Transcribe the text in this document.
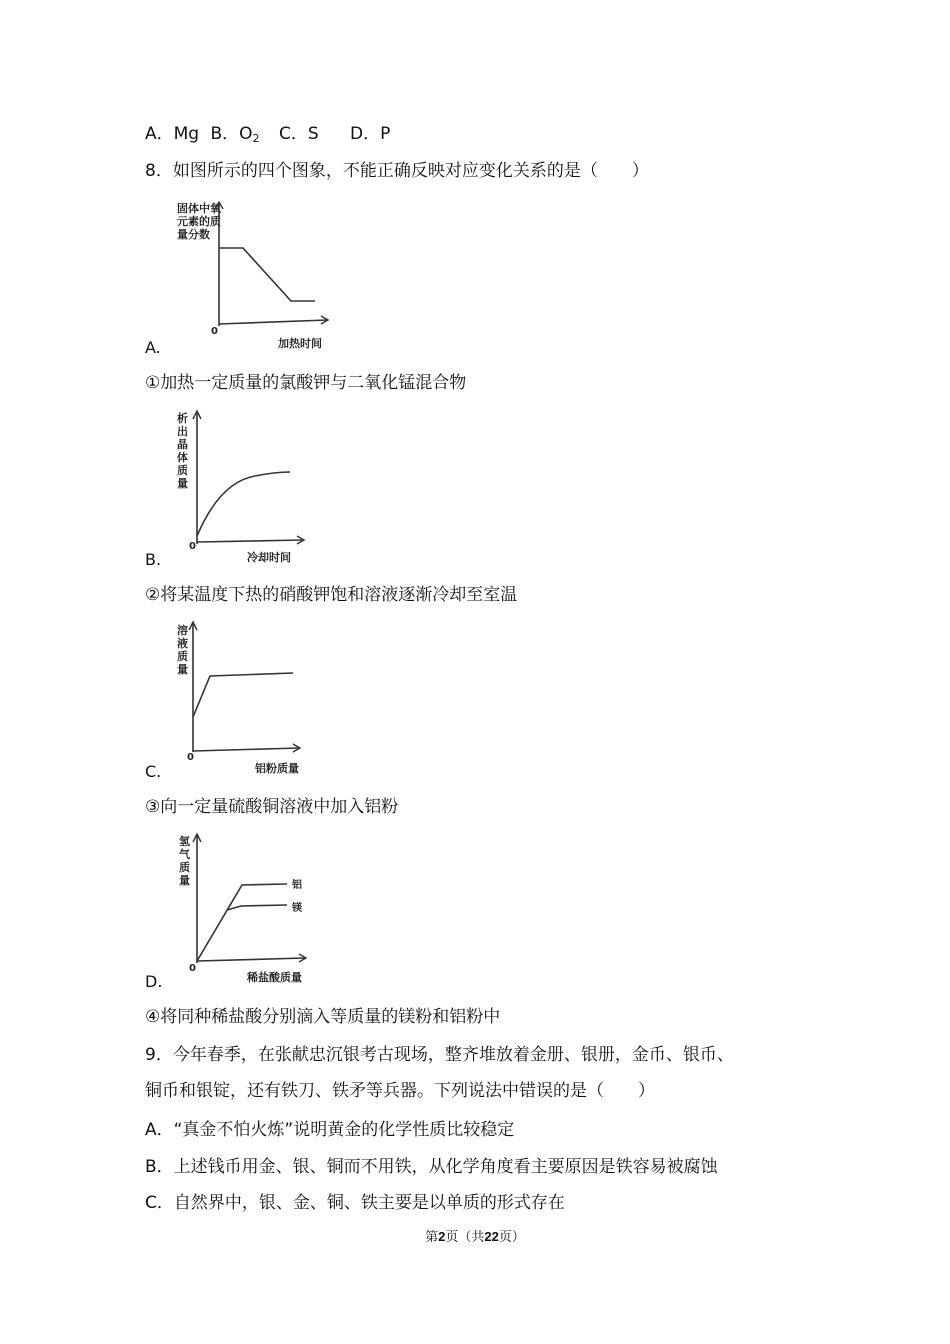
A．Mg B．$O_2$ C．S D．P
8．如图所示的四个图象，不能正确反映对应变化关系的是（　　）
固体中氧元素的质量分数
0
加热时间
A.
①加热一定质量的氯酸钾与二氧化锰混合物
析出晶体质量
0
冷却时间
B.
②将某温度下热的硝酸钾饱和溶液逐渐冷却至室温
溶液质量
0
铝粉质量
C.
③向一定量硫酸铜溶液中加入铝粉
氢气质量	铝
镁
0
稀盐酸质量
D.
④将同种稀盐酸分别滴入等质量的镁粉和铝粉中
9．今年春季，在张献忠沉银考古现场，整齐堆放着金册、银册，金币、银币、
铜币和银锭，还有铁刀、铁矛等兵器。下列说法中错误的是（　　）
A．“真金不怕火炼”说明黄金的化学性质比较稳定
B．上述钱币用金、银、铜而不用铁，从化学角度看主要原因是铁容易被腐蚀
C．自然界中，银、金、铜、铁主要是以单质的形式存在
第2页（共22页）
